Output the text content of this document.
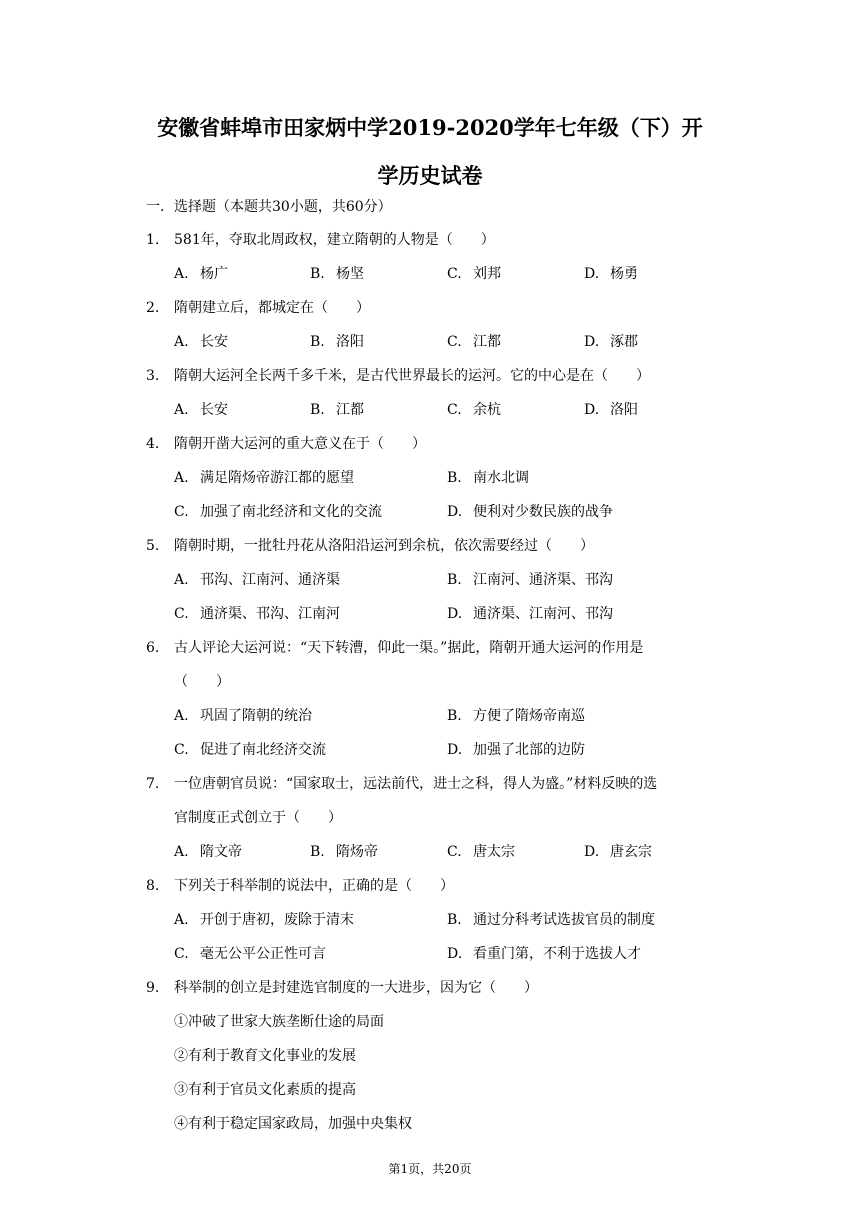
安徽省蚌埠市田家炳中学2019-2020学年七年级（下）开
学历史试卷
一．选择题（本题共30小题，共60分）
1. 581年，夺取北周政权，建立隋朝的人物是（　　）
A. 杨广	B. 杨坚	C. 刘邦	D. 杨勇
2. 隋朝建立后，都城定在（　　）
A. 长安	B. 洛阳	C. 江都	D. 涿郡
3. 隋朝大运河全长两千多千米，是古代世界最长的运河。它的中心是在（　　）
A. 长安	B. 江都	C. 余杭	D. 洛阳
4. 隋朝开凿大运河的重大意义在于（　　）
A. 满足隋炀帝游江都的愿望	B. 南水北调
C. 加强了南北经济和文化的交流	D. 便利对少数民族的战争
5. 隋朝时期，一批牡丹花从洛阳沿运河到余杭，依次需要经过（　　）
A. 邗沟、江南河、通济渠	B. 江南河、通济渠、邗沟
C. 通济渠、邗沟、江南河	D. 通济渠、江南河、邗沟
6. 古人评论大运河说：“天下转漕，仰此一渠。”据此，隋朝开通大运河的作用是
（　　）
A. 巩固了隋朝的统治	B. 方便了隋炀帝南巡
C. 促进了南北经济交流	D. 加强了北部的边防
7. 一位唐朝官员说：“国家取士，远法前代，进士之科，得人为盛。”材料反映的选
官制度正式创立于（　　）
A. 隋文帝	B. 隋炀帝	C. 唐太宗	D. 唐玄宗
8. 下列关于科举制的说法中，正确的是（　　）
A. 开创于唐初，废除于清末	B. 通过分科考试选拔官员的制度
C. 毫无公平公正性可言	D. 看重门第，不利于选拔人才
9. 科举制的创立是封建选官制度的一大进步，因为它（　　）
①冲破了世家大族垄断仕途的局面
②有利于教育文化事业的发展
③有利于官员文化素质的提高
④有利于稳定国家政局，加强中央集权
第1页，共20页
